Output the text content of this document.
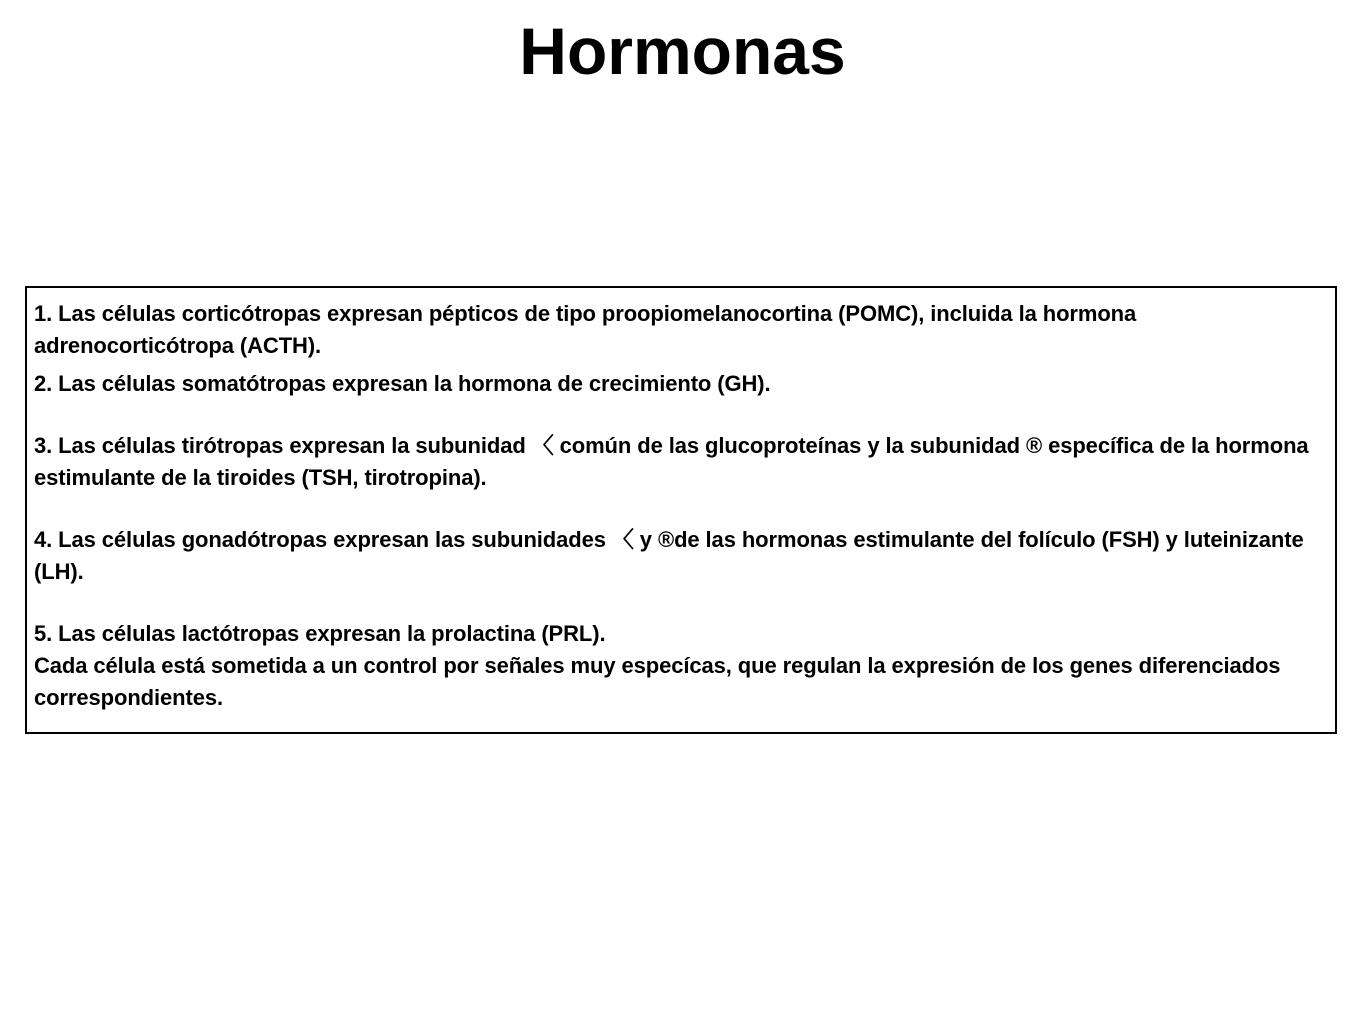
Hormonas

1. Las células corticótropas expresan pépticos de tipo proopiomelanocortina (POMC), incluida la hormona adrenocorticótropa (ACTH).

2. Las células somatótropas expresan la hormona de crecimiento (GH).

3. Las células tirótropas expresan la subunidad 〈 común de las glucoproteínas y la subunidad ® específica de la hormona estimulante de la tiroides (TSH, tirotropina).

4. Las células gonadótropas expresan las subunidades 〈 y ®de las hormonas estimulante del folículo (FSH) y luteinizante (LH).

5. Las células lactótropas expresan la prolactina (PRL).

Cada célula está sometida a un control por señales muy especícas, que regulan la expresión de los genes diferenciados correspondientes.
